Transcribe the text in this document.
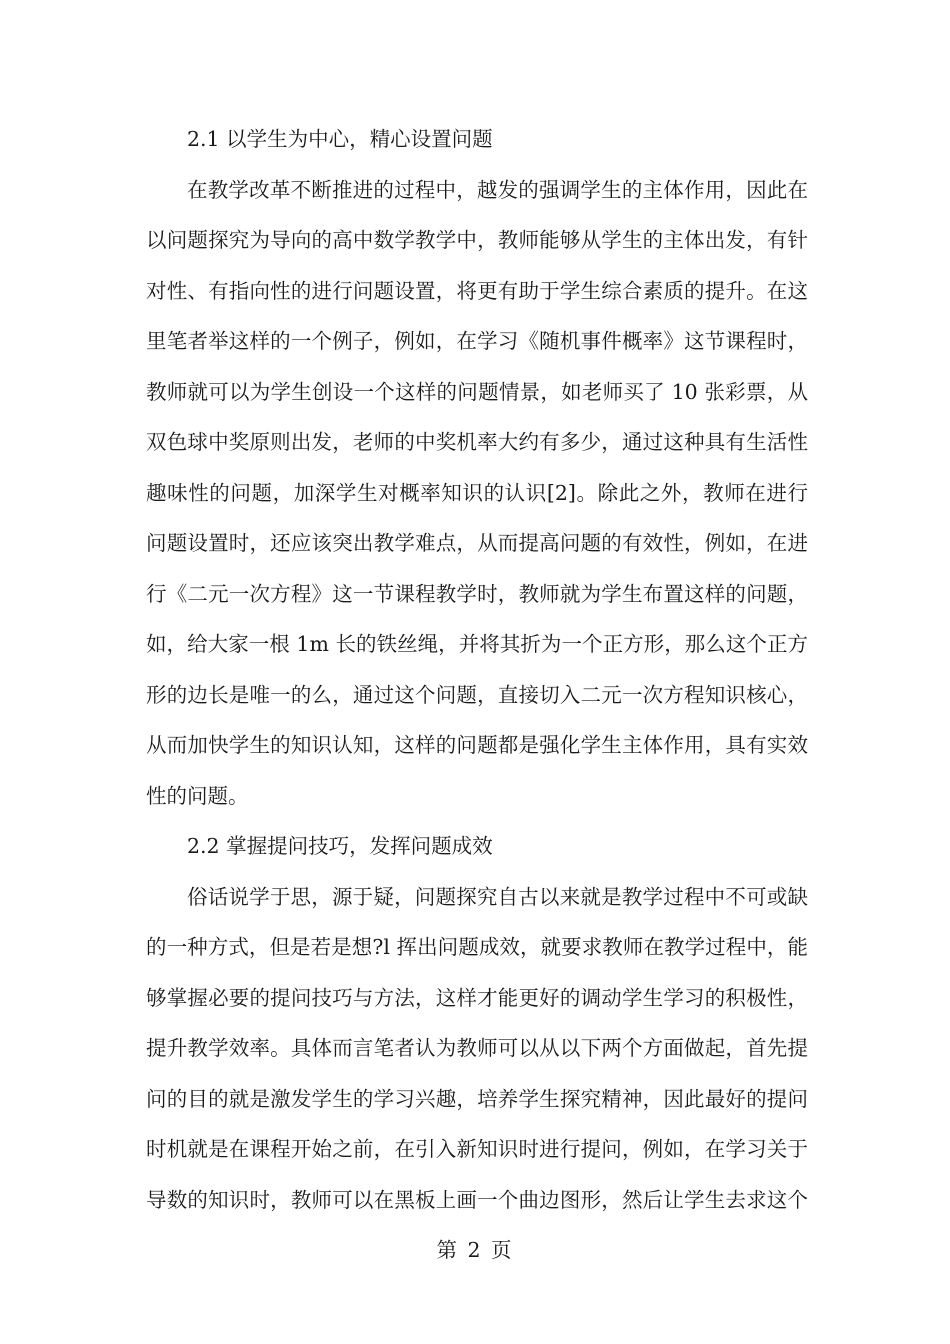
2.1 以学生为中心，精心设置问题
在教学改革不断推进的过程中，越发的强调学生的主体作用，因此在
以问题探究为导向的高中数学教学中，教师能够从学生的主体出发，有针
对性、有指向性的进行问题设置，将更有助于学生综合素质的提升。在这
里笔者举这样的一个例子，例如，在学习《随机事件概率》这节课程时，
教师就可以为学生创设一个这样的问题情景，如老师买了 10 张彩票，从
双色球中奖原则出发，老师的中奖机率大约有多少，通过这种具有生活性
趣味性的问题，加深学生对概率知识的认识[2]。除此之外，教师在进行
问题设置时，还应该突出教学难点，从而提高问题的有效性，例如，在进
行《二元一次方程》这一节课程教学时，教师就为学生布置这样的问题，
如，给大家一根 1m 长的铁丝绳，并将其折为一个正方形，那么这个正方
形的边长是唯一的么，通过这个问题，直接切入二元一次方程知识核心，
从而加快学生的知识认知，这样的问题都是强化学生主体作用，具有实效
性的问题。
2.2 掌握提问技巧，发挥问题成效
俗话说学于思，源于疑，问题探究自古以来就是教学过程中不可或缺
的一种方式，但是若是想?l 挥出问题成效，就要求教师在教学过程中，能
够掌握必要的提问技巧与方法，这样才能更好的调动学生学习的积极性，
提升教学效率。具体而言笔者认为教师可以从以下两个方面做起，首先提
问的目的就是激发学生的学习兴趣，培养学生探究精神，因此最好的提问
时机就是在课程开始之前，在引入新知识时进行提问，例如，在学习关于
导数的知识时，教师可以在黑板上画一个曲边图形，然后让学生去求这个
第 2 页
